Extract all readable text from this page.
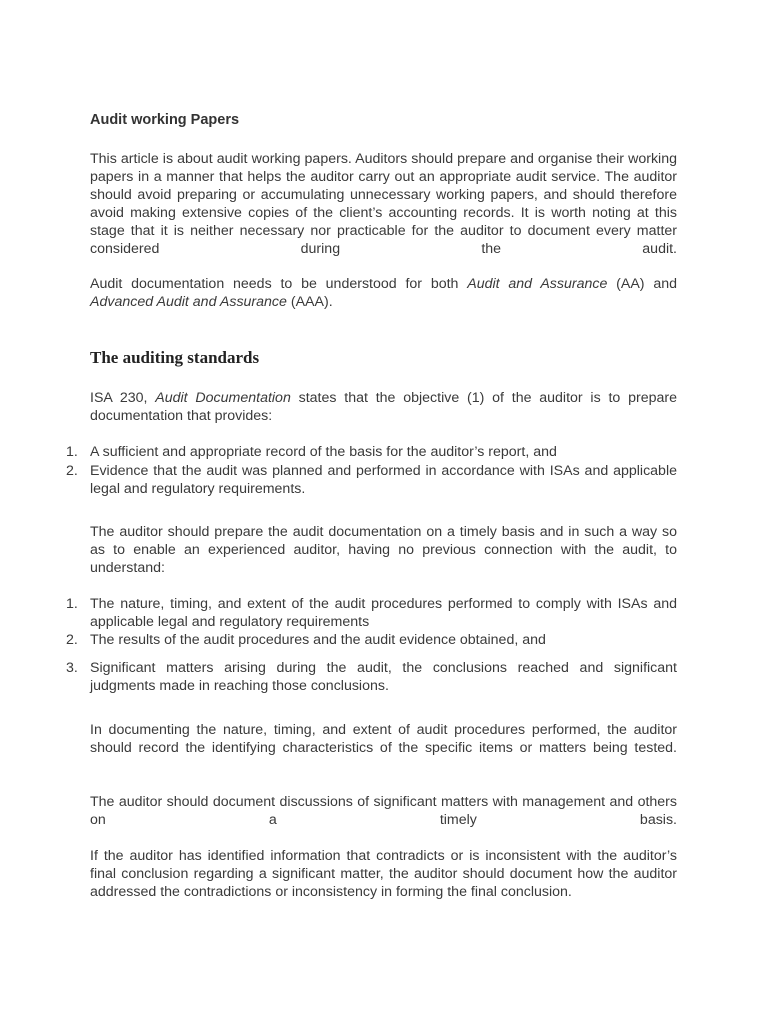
Audit working Papers

This article is about audit working papers. Auditors should prepare and organise their working papers in a manner that helps the auditor carry out an appropriate audit service. The auditor should avoid preparing or accumulating unnecessary working papers, and should therefore avoid making extensive copies of the client’s accounting records. It is worth noting at this stage that it is neither necessary nor practicable for the auditor to document every matter considered during the audit.

Audit documentation needs to be understood for both Audit and Assurance (AA) and Advanced Audit and Assurance (AAA).

The auditing standards

ISA 230, Audit Documentation states that the objective (1) of the auditor is to prepare documentation that provides:

1. A sufficient and appropriate record of the basis for the auditor’s report, and
2. Evidence that the audit was planned and performed in accordance with ISAs and applicable legal and regulatory requirements.

The auditor should prepare the audit documentation on a timely basis and in such a way so as to enable an experienced auditor, having no previous connection with the audit, to understand:

1. The nature, timing, and extent of the audit procedures performed to comply with ISAs and applicable legal and regulatory requirements
2. The results of the audit procedures and the audit evidence obtained, and
3. Significant matters arising during the audit, the conclusions reached and significant judgments made in reaching those conclusions.

In documenting the nature, timing, and extent of audit procedures performed, the auditor should record the identifying characteristics of the specific items or matters being tested.

The auditor should document discussions of significant matters with management and others on a timely basis.

If the auditor has identified information that contradicts or is inconsistent with the auditor’s final conclusion regarding a significant matter, the auditor should document how the auditor addressed the contradictions or inconsistency in forming the final conclusion.
